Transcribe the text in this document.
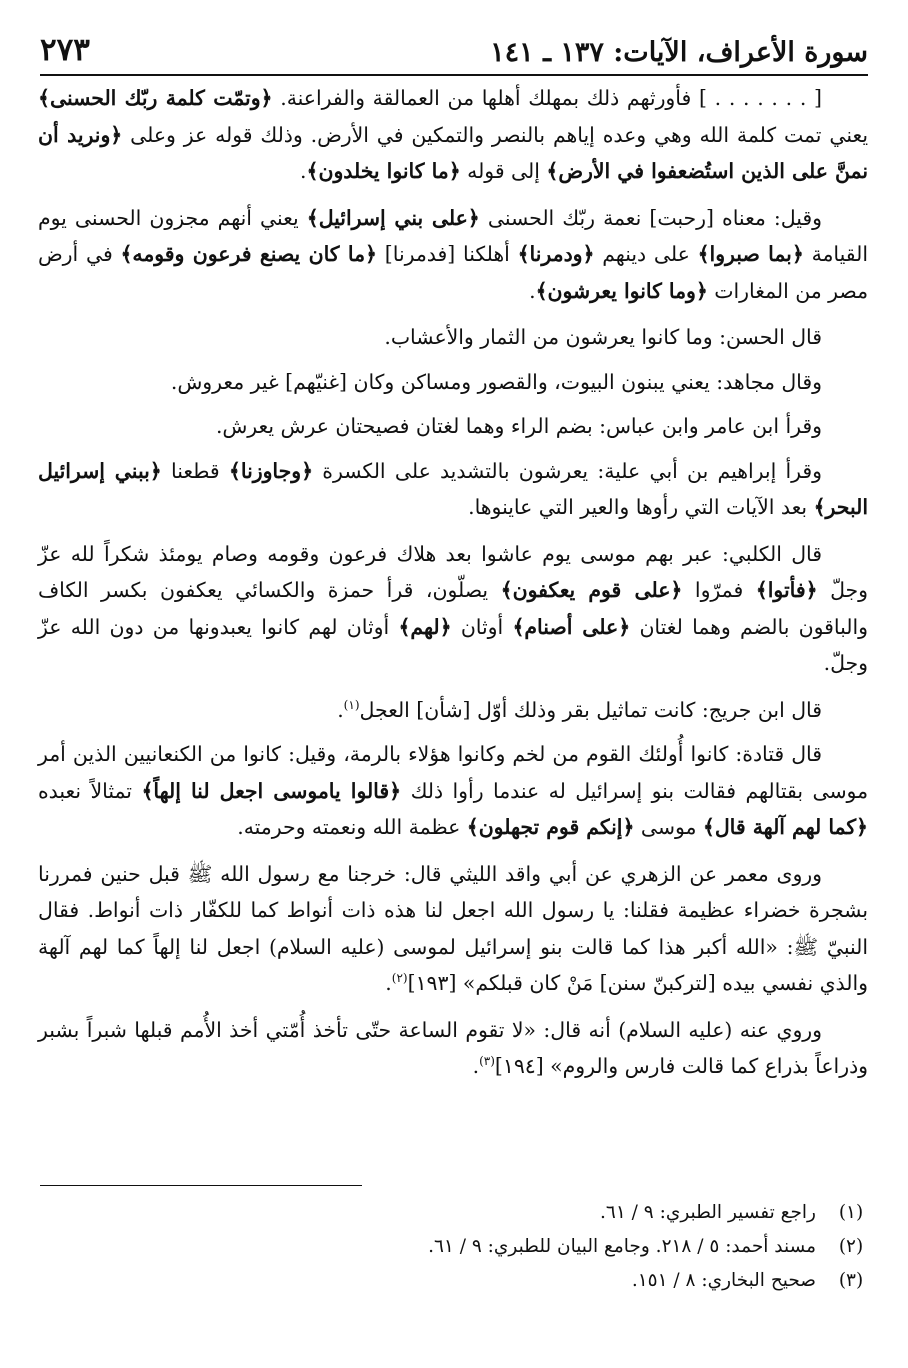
سورة الأعراف، الآيات: ١٣٧ ـ ١٤١
٢٧٣

[ . . . . . . . ] فأورثهم ذلك بمهلك أهلها من العمالقة والفراعنة. ﴿وتمّت كلمة ربّك الحسنى﴾ يعني تمت كلمة الله وهي وعده إياهم بالنصر والتمكين في الأرض. وذلك قوله عز وعلى ﴿ونريد أن نمنَّ على الذين استُضعفوا في الأرض﴾ إلى قوله ﴿ما كانوا يخلدون﴾.

وقيل: معناه [رحبت] نعمة ربّك الحسنى ﴿على بني إسرائيل﴾ يعني أنهم مجزون الحسنى يوم القيامة ﴿بما صبروا﴾ على دينهم ﴿ودمرنا﴾ أهلكنا [فدمرنا] ﴿ما كان يصنع فرعون وقومه﴾ في أرض مصر من المغارات ﴿وما كانوا يعرشون﴾.

قال الحسن: وما كانوا يعرشون من الثمار والأعشاب.

وقال مجاهد: يعني يبنون البيوت، والقصور ومساكن وكان [غنيّهم] غير معروش.

وقرأ ابن عامر وابن عباس: بضم الراء وهما لغتان فصيحتان عرش يعرش.

وقرأ إبراهيم بن أبي علية: يعرشون بالتشديد على الكسرة ﴿وجاوزنا﴾ قطعنا ﴿ببني إسرائيل البحر﴾ بعد الآيات التي رأوها والعير التي عاينوها.

قال الكلبي: عبر بهم موسى يوم عاشوا بعد هلاك فرعون وقومه وصام يومئذ شكراً لله عزّ وجلّ ﴿فأتوا﴾ فمرّوا ﴿على قوم يعكفون﴾ يصلّون، قرأ حمزة والكسائي يعكفون بكسر الكاف والباقون بالضم وهما لغتان ﴿على أصنام﴾ أوثان ﴿لهم﴾ أوثان لهم كانوا يعبدونها من دون الله عزّ وجلّ.

قال ابن جريج: كانت تماثيل بقر وذلك أوّل [شأن] العجل$^{(١)}$.

قال قتادة: كانوا أُولئك القوم من لخم وكانوا هؤلاء بالرمة، وقيل: كانوا من الكنعانيين الذين أمر موسى بقتالهم فقالت بنو إسرائيل له عندما رأوا ذلك ﴿قالوا ياموسى اجعل لنا إلهاً﴾ تمثالاً نعبده ﴿كما لهم آلهة قال﴾ موسى ﴿إنكم قوم تجهلون﴾ عظمة الله ونعمته وحرمته.

وروى معمر عن الزهري عن أبي واقد الليثي قال: خرجنا مع رسول الله ﷺ قبل حنين فمررنا بشجرة خضراء عظيمة فقلنا: يا رسول الله اجعل لنا هذه ذات أنواط كما للكفّار ذات أنواط. فقال النبيّ ﷺ: «الله أكبر هذا كما قالت بنو إسرائيل لموسى (عليه السلام) اجعل لنا إلهاً كما لهم آلهة والذي نفسي بيده [لتركبنّ سنن] مَنْ كان قبلكم» [١٩٣]$^{(٢)}$.

وروي عنه (عليه السلام) أنه قال: «لا تقوم الساعة حتّى تأخذ أُمّتي أخذ الأُمم قبلها شبراً بشبر وذراعاً بذراع كما قالت فارس والروم» [١٩٤]$^{(٣)}$.

(١)
راجع تفسير الطبري: ٩ / ٦١.
(٢)
مسند أحمد: ٥ / ٢١٨. وجامع البيان للطبري: ٩ / ٦١.
(٣)
صحيح البخاري: ٨ / ١٥١.
